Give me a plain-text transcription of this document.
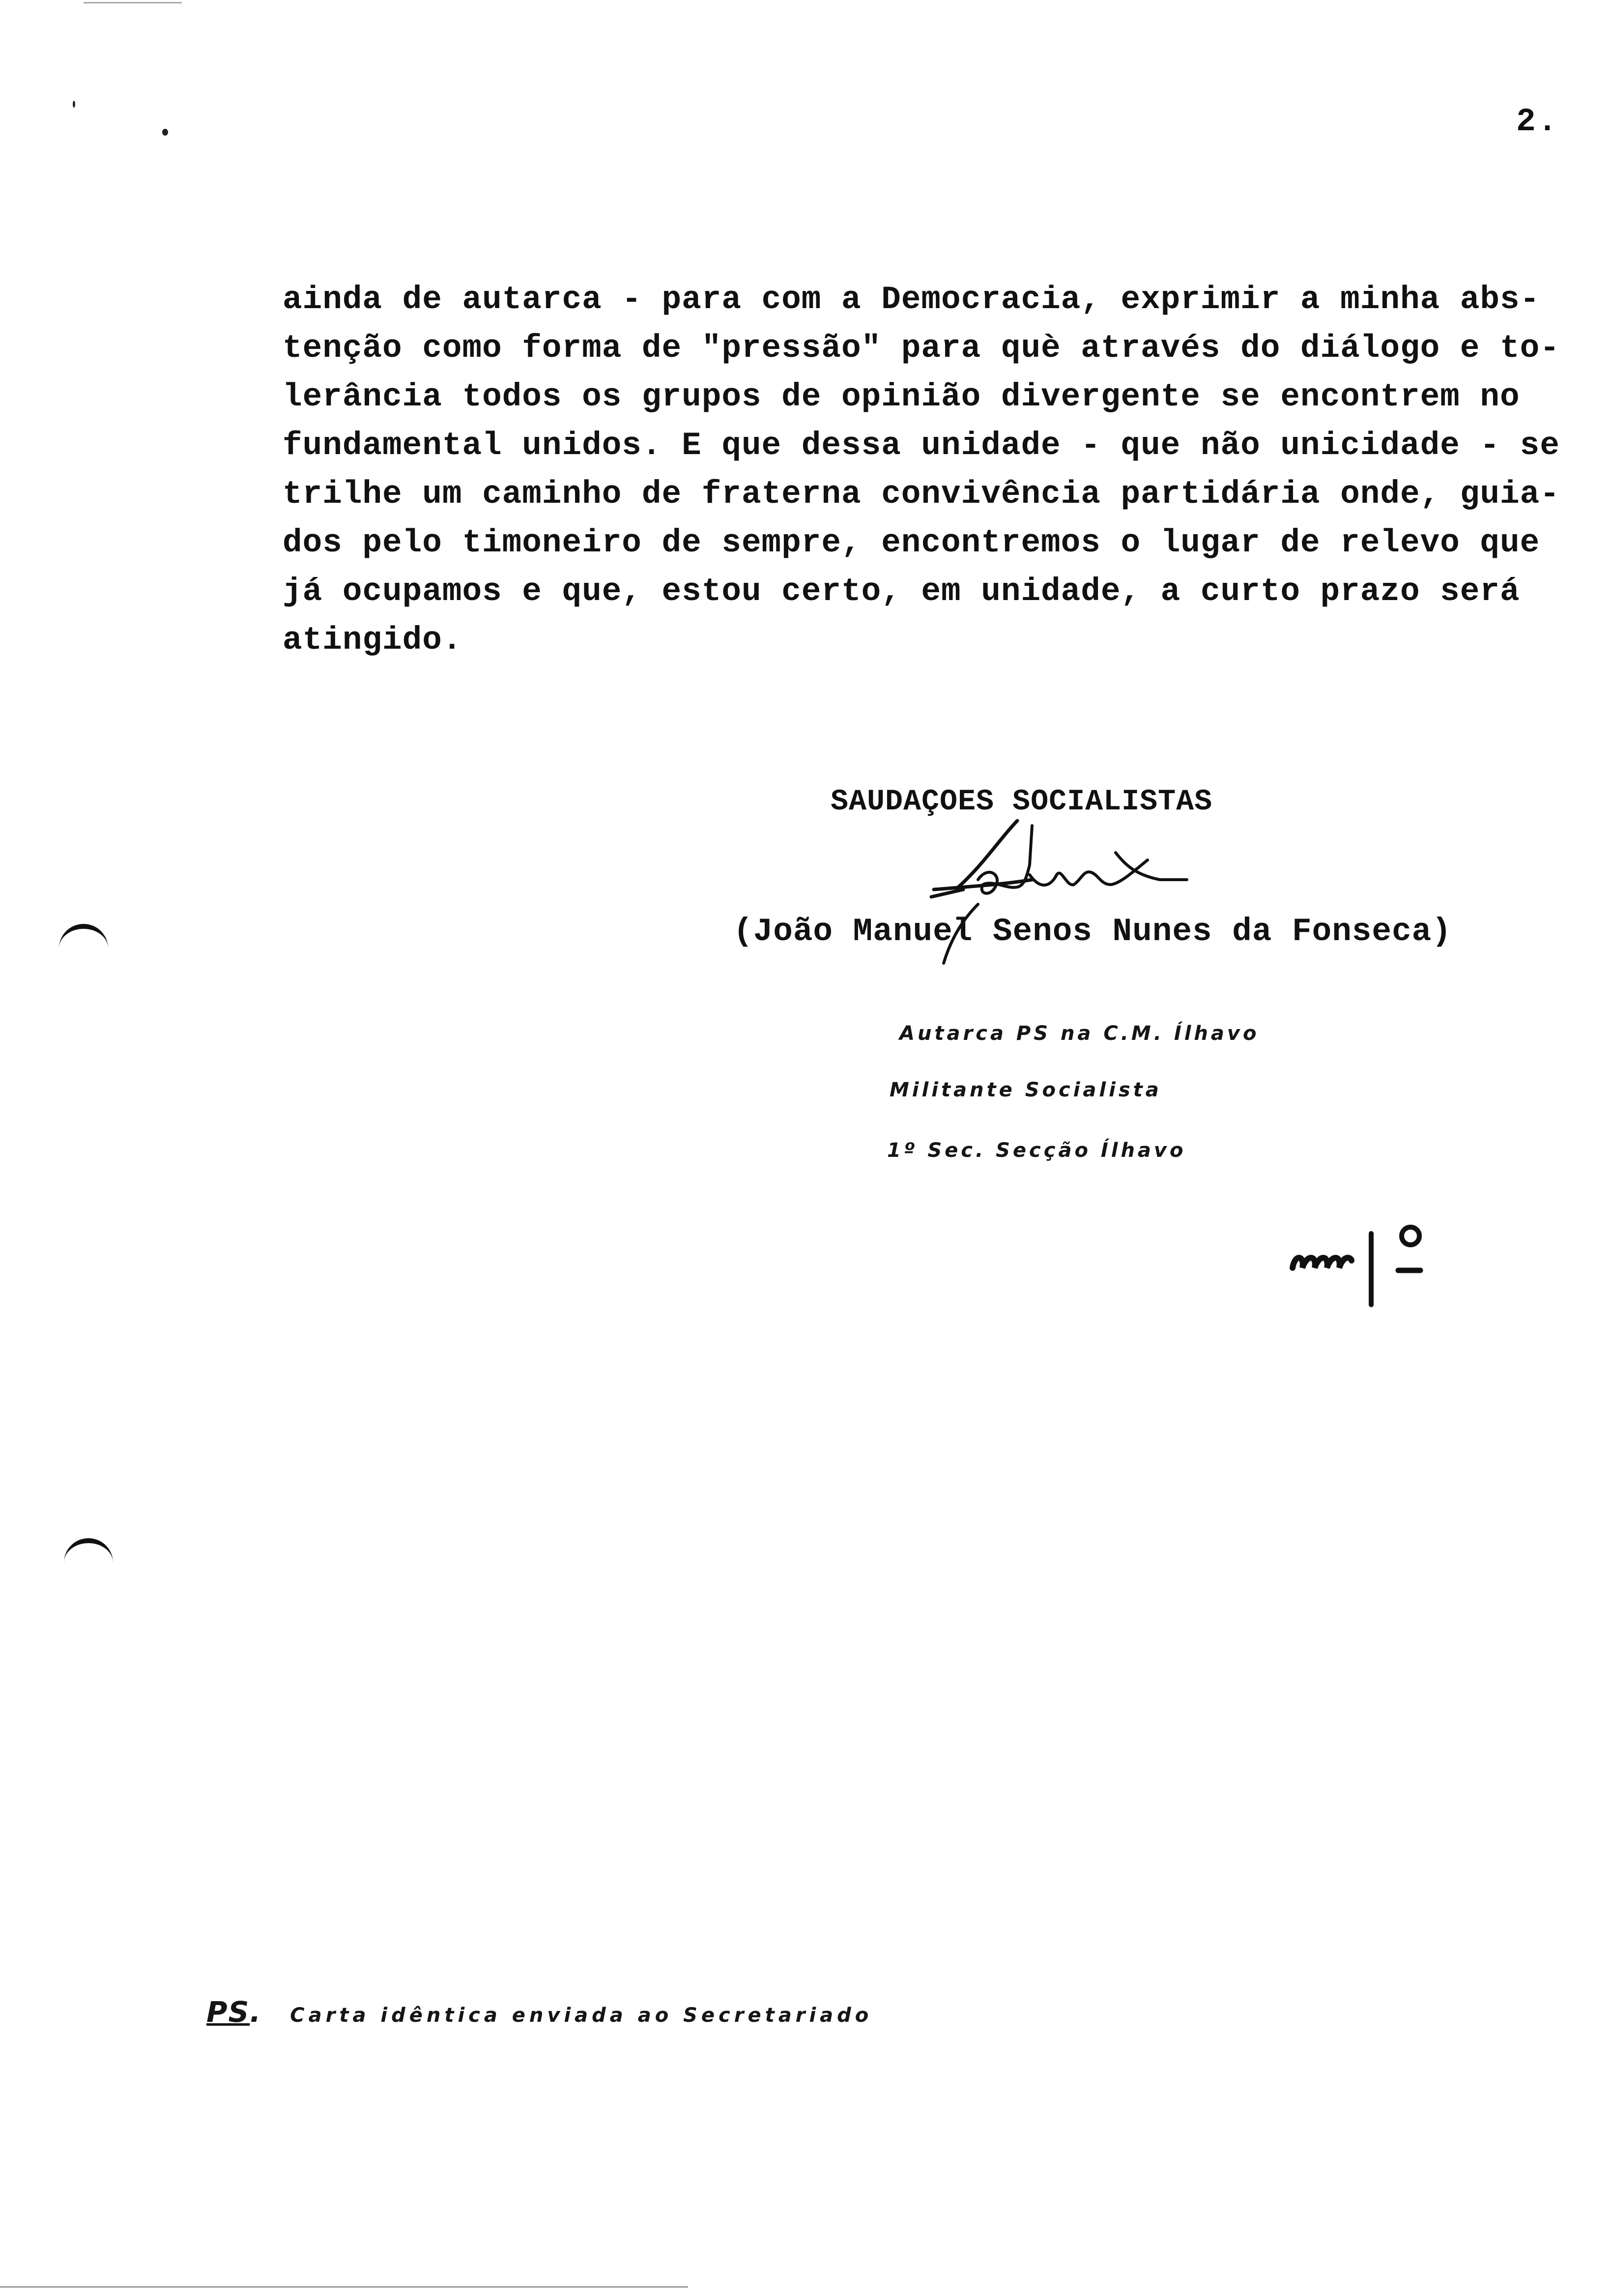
2.
ainda de autarca - para com a Democracia, exprimir a minha abs-
tenção como forma de "pressão" para què através do diálogo e to-
lerância todos os grupos de opinião divergente se encontrem no
fundamental unidos. E que dessa unidade - que não unicidade - se
trilhe um caminho de fraterna convivência partidária onde, guia-
dos pelo timoneiro de sempre, encontremos o lugar de relevo que
já ocupamos e que, estou certo, em unidade, a curto prazo será
atingido.
SAUDAÇOES SOCIALISTAS
(João Manuel Senos Nunes da Fonseca)
Autarca PS na C.M. Ílhavo
Militante Socialista
1º Sec. Secção Ílhavo
PS. Carta idêntica enviada ao Secretariado
